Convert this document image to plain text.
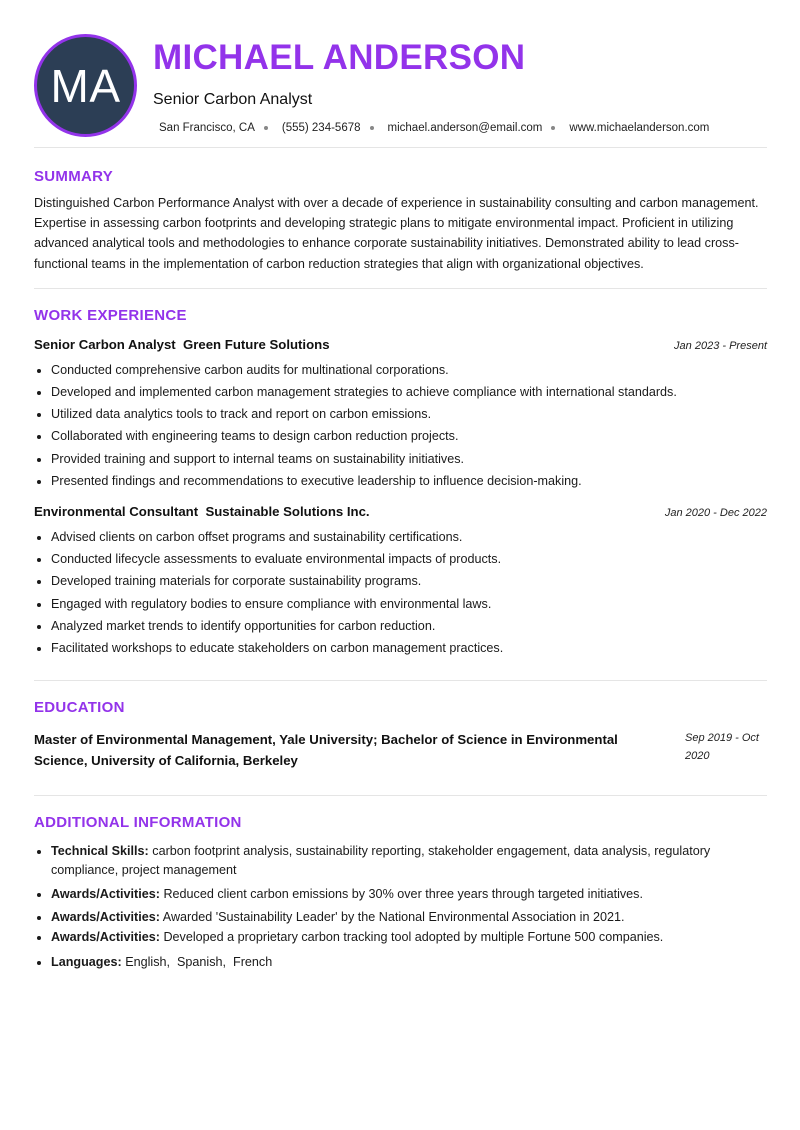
MA
MICHAEL ANDERSON
Senior Carbon Analyst
San Francisco, CA (555) 234-5678 michael.anderson@email.com www.michaelanderson.com
SUMMARY
Distinguished Carbon Performance Analyst with over a decade of experience in sustainability consulting and carbon management. Expertise in assessing carbon footprints and developing strategic plans to mitigate environmental impact. Proficient in utilizing advanced analytical tools and methodologies to enhance corporate sustainability initiatives. Demonstrated ability to lead cross-functional teams in the implementation of carbon reduction strategies that align with organizational objectives.
WORK EXPERIENCE
Senior Carbon Analyst  Green Future Solutions	Jan 2023 - Present
• Conducted comprehensive carbon audits for multinational corporations.
• Developed and implemented carbon management strategies to achieve compliance with international standards.
• Utilized data analytics tools to track and report on carbon emissions.
• Collaborated with engineering teams to design carbon reduction projects.
• Provided training and support to internal teams on sustainability initiatives.
• Presented findings and recommendations to executive leadership to influence decision-making.
Environmental Consultant  Sustainable Solutions Inc.	Jan 2020 - Dec 2022
• Advised clients on carbon offset programs and sustainability certifications.
• Conducted lifecycle assessments to evaluate environmental impacts of products.
• Developed training materials for corporate sustainability programs.
• Engaged with regulatory bodies to ensure compliance with environmental laws.
• Analyzed market trends to identify opportunities for carbon reduction.
• Facilitated workshops to educate stakeholders on carbon management practices.
EDUCATION
Master of Environmental Management, Yale University; Bachelor of Science in Environmental Science, University of California, Berkeley
Sep 2019 - Oct 2020
ADDITIONAL INFORMATION
• Technical Skills: carbon footprint analysis, sustainability reporting, stakeholder engagement, data analysis, regulatory compliance, project management
• Awards/Activities: Reduced client carbon emissions by 30% over three years through targeted initiatives.
• Awards/Activities: Awarded 'Sustainability Leader' by the National Environmental Association in 2021.
• Awards/Activities: Developed a proprietary carbon tracking tool adopted by multiple Fortune 500 companies.
• Languages: English,  Spanish,  French
